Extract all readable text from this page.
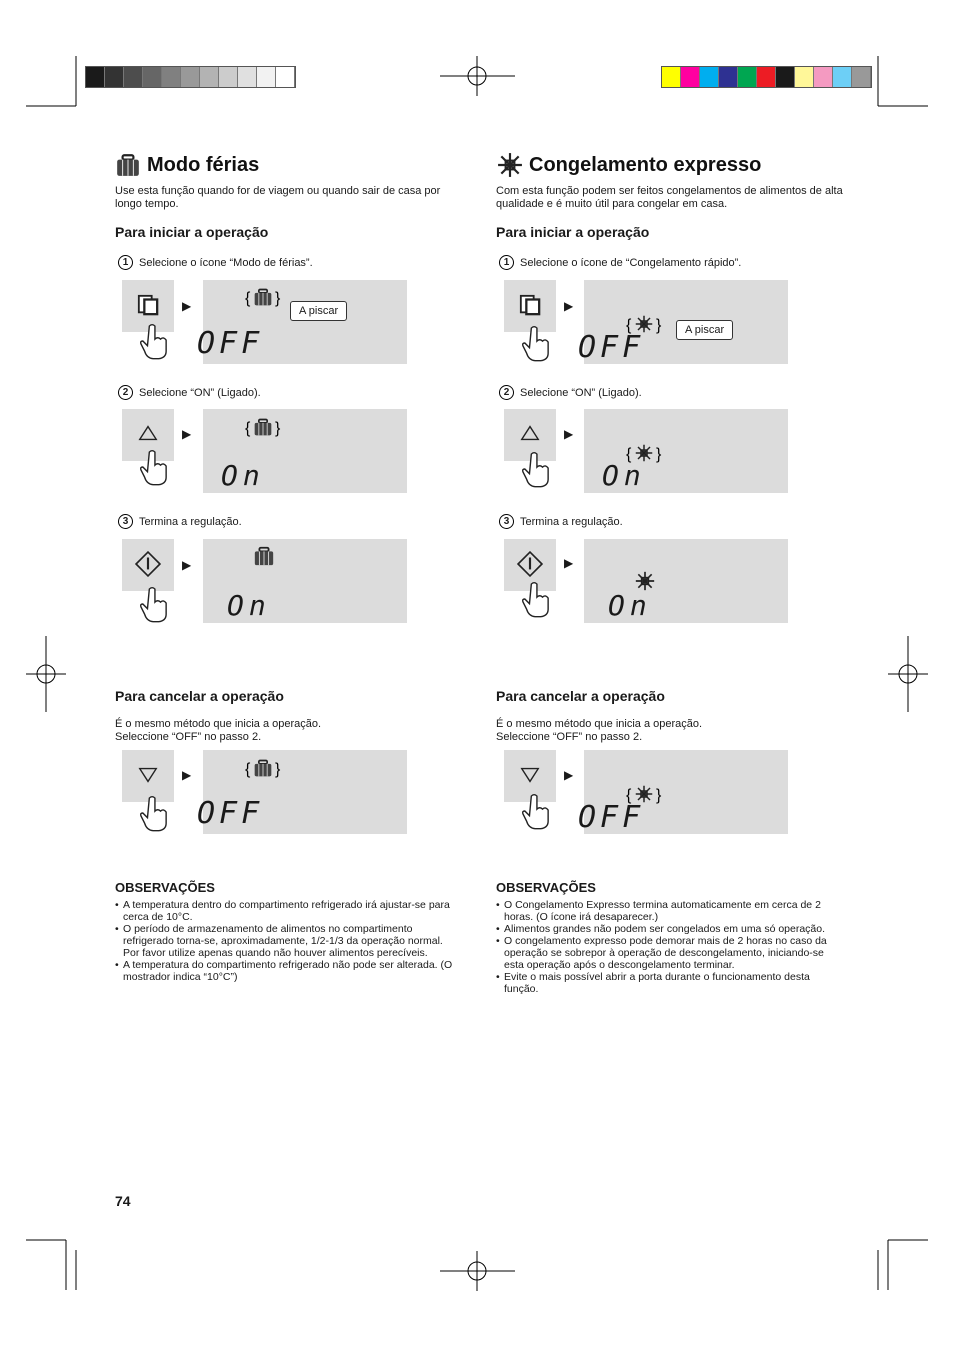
Modo férias
Use esta função quando for de viagem ou quando sair de casa por longo tempo.
Para iniciar a operação
1 Selecione o ícone “Modo de férias”.
▶	{ }
OFF
A piscar
2 Selecione “ON” (Ligado).
▶	{ }
On
3 Termina a regulação.
▶
On
Para cancelar a operação
É o mesmo método que inicia a operação.
Seleccione “OFF” no passo 2.
▶	{ }
OFF
OBSERVAÇÕES
• A temperatura dentro do compartimento refrigerado irá ajustar-se para cerca de 10°C.
• O período de armazenamento de alimentos no compartimento refrigerado torna-se, aproximadamente, 1/2-1/3 da operação normal. Por favor utilize apenas quando não houver alimentos perecíveis.
• A temperatura do compartimento refrigerado não pode ser alterada. (O mostrador indica “10°C”)
Congelamento expresso
Com esta função podem ser feitos congelamentos de alimentos de alta qualidade e é muito útil para congelar em casa.
Para iniciar a operação
1 Selecione o ícone de “Congelamento rápido”.
▶
{ }
OFF	A piscar
2 Selecione “ON” (Ligado).
▶
{ }
On
3 Termina a regulação.
▶
On
Para cancelar a operação
É o mesmo método que inicia a operação.
Seleccione “OFF” no passo 2.
▶
{ }
OFF
OBSERVAÇÕES
• O Congelamento Expresso termina automaticamente em cerca de 2 horas. (O ícone irá desaparecer.)
• Alimentos grandes não podem ser congelados em uma só operação.
• O congelamento expresso pode demorar mais de 2 horas no caso da operação se sobrepor à operação de descongelamento, iniciando-se esta operação após o descongelamento terminar.
• Evite o mais possível abrir a porta durante o funcionamento desta função.
74
